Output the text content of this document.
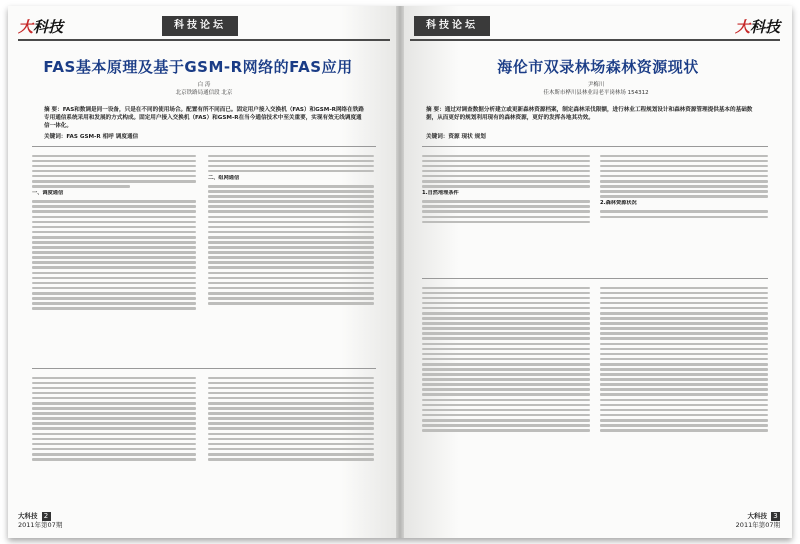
大科技	科技论坛
FAS基本原理及基于GSM-R网络的FAS应用
白 涛
北京铁路局通信段 北京
摘 要：FAS和数调是同一设备，只是在不同的使用场合。配置有所不同而已。固定用户接入交换机（FAS）和GSM-R网络在铁路专用通信系统采用和发展的方式构成。固定用户接入交换机（FAS）和GSM-R在当今通信技术中至关重要，实现有效无线调度通信一体化。
关键词：FAS GSM-R 相呼 调度通信
一、调度通信
二、组网通信
大科技 2
2011年第07期
大科技
科技论坛
海伦市双录林场森林资源现状
尹梅川
佳木斯市桦川县林业局老平岗林场 154312
摘 要：通过对调查数据分析建立或更新森林资源档案，制定森林采伐限额，进行林业工程规划设计和森林资源管理提供基本的基础数据，从而更好的规划利用现有的森林资源，更好的发挥各地其功效。
关键词：资源 现状 规划
1.自然地理条件
2.森林资源状况
大科技 3
2011年第07期
